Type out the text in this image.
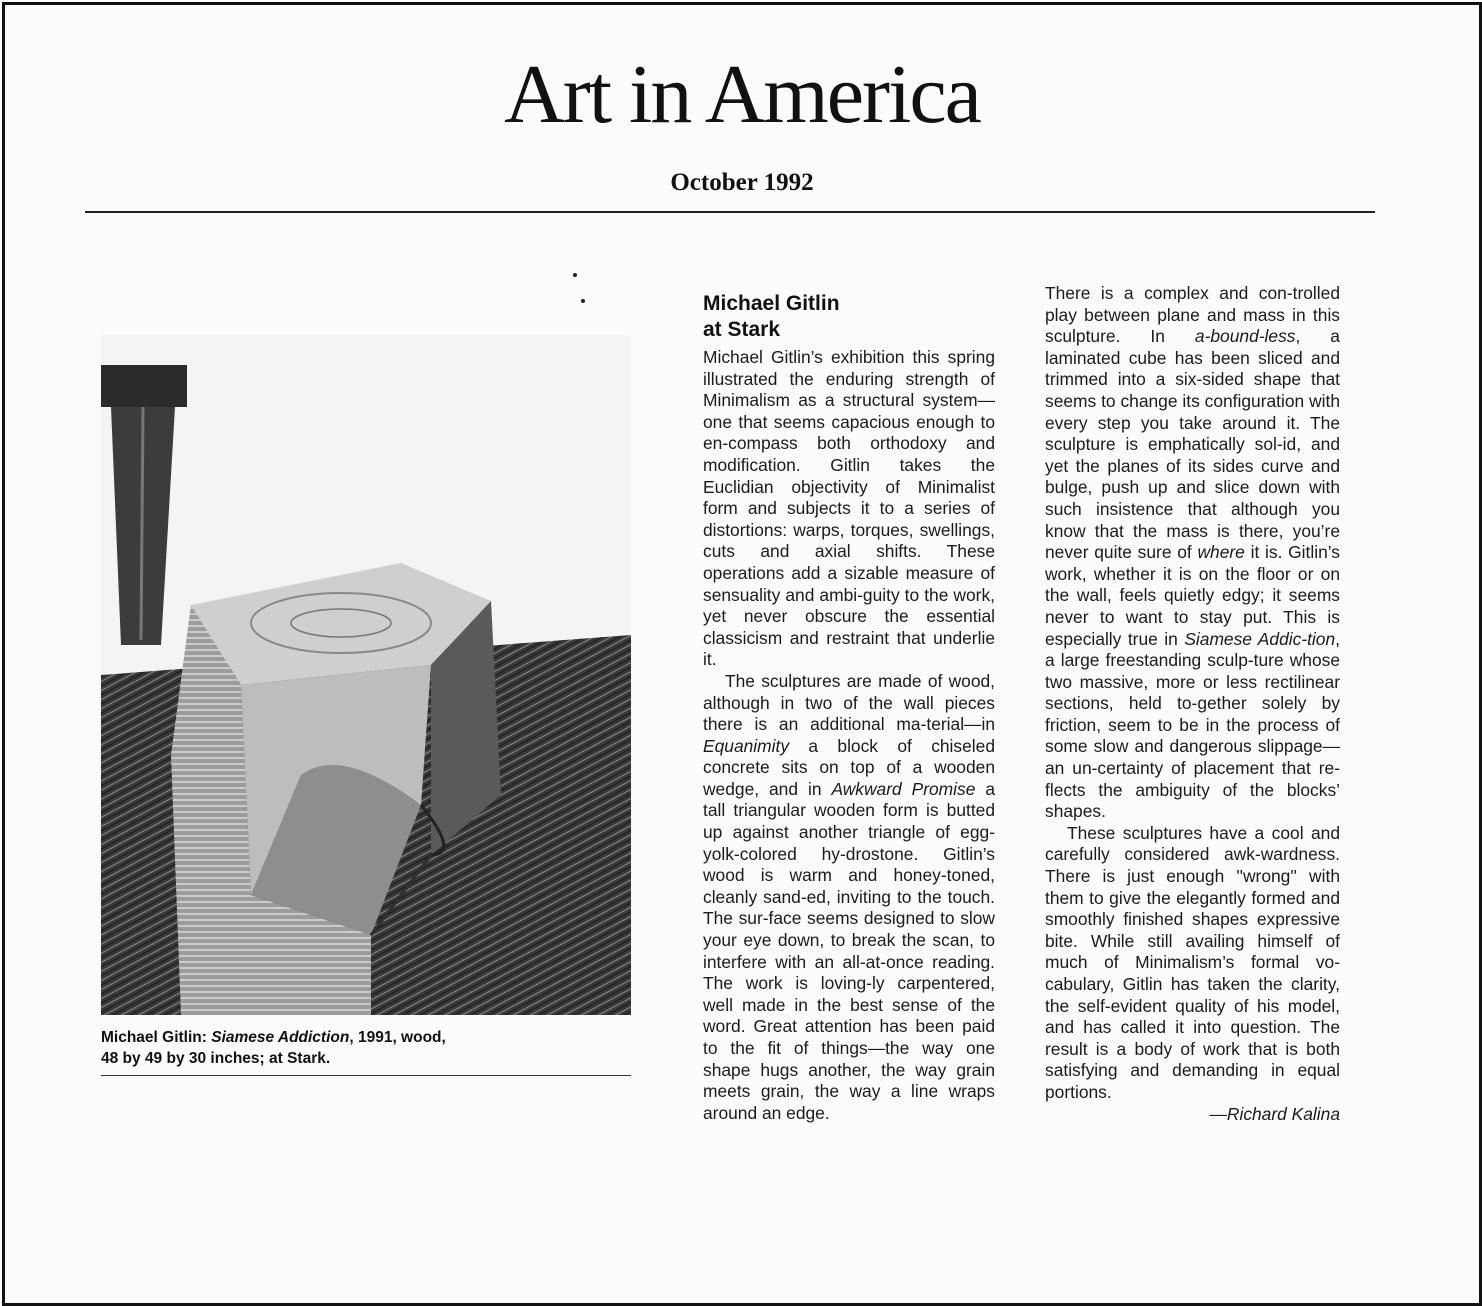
Art in America
October 1992
Michael Gitlin: Siamese Addiction, 1991, wood,
48 by 49 by 30 inches; at Stark.
Michael Gitlin
at Stark

Michael Gitlin’s exhibition this spring illustrated the enduring strength of Minimalism as a structural system—one that seems capacious enough to en-compass both orthodoxy and modification. Gitlin takes the Euclidian objectivity of Minimalist form and subjects it to a series of distortions: warps, torques, swellings, cuts and axial shifts. These operations add a sizable measure of sensuality and ambi-guity to the work, yet never obscure the essential classicism and restraint that underlie it.

The sculptures are made of wood, although in two of the wall pieces there is an additional ma-terial—in Equanimity a block of chiseled concrete sits on top of a wooden wedge, and in Awkward Promise a tall triangular wooden form is butted up against another triangle of egg-yolk-colored hy-drostone. Gitlin’s wood is warm and honey-toned, cleanly sand-ed, inviting to the touch. The sur-face seems designed to slow your eye down, to break the scan, to interfere with an all-at-once reading. The work is loving-ly carpentered, well made in the best sense of the word. Great attention has been paid to the fit of things—the way one shape hugs another, the way grain meets grain, the way a line wraps around an edge.

There is a complex and con-trolled play between plane and mass in this sculpture. In a-bound-less, a laminated cube has been sliced and trimmed into a six-sided shape that seems to change its configuration with every step you take around it. The sculpture is emphatically sol-id, and yet the planes of its sides curve and bulge, push up and slice down with such insistence that although you know that the mass is there, you’re never quite sure of where it is. Gitlin’s work, whether it is on the floor or on the wall, feels quietly edgy; it seems never to want to stay put. This is especially true in Siamese Addic-tion, a large freestanding sculp-ture whose two massive, more or less rectilinear sections, held to-gether solely by friction, seem to be in the process of some slow and dangerous slippage—an un-certainty of placement that re-flects the ambiguity of the blocks’ shapes.

These sculptures have a cool and carefully considered awk-wardness. There is just enough ''wrong'' with them to give the elegantly formed and smoothly finished shapes expressive bite. While still availing himself of much of Minimalism’s formal vo-cabulary, Gitlin has taken the clarity, the self-evident quality of his model, and has called it into question. The result is a body of work that is both satisfying and demanding in equal portions.

—Richard Kalina
